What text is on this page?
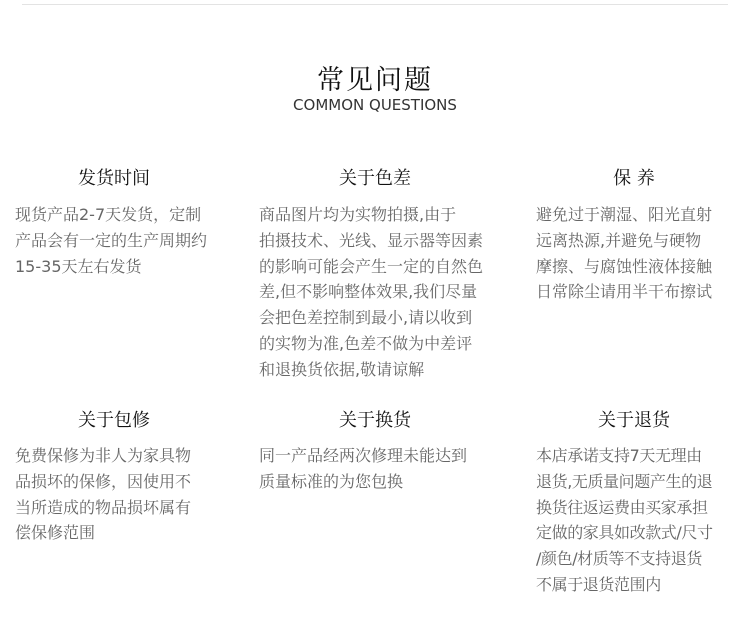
常见问题
COMMON QUESTIONS
发货时间
现货产品2-7天发货，定制
产品会有一定的生产周期约
15-35天左右发货
关于色差
商品图片均为实物拍摄,由于
拍摄技术、光线、显示器等因素
的影响可能会产生一定的自然色
差,但不影响整体效果,我们尽量
会把色差控制到最小,请以收到
的实物为准,色差不做为中差评
和退换货依据,敬请谅解
保 养
避免过于潮湿、阳光直射
远离热源,并避免与硬物
摩擦、与腐蚀性液体接触
日常除尘请用半干布擦试
关于包修
免费保修为非人为家具物
品损坏的保修，因使用不
当所造成的物品损坏属有
偿保修范围
关于换货
同一产品经两次修理未能达到
质量标准的为您包换
关于退货
本店承诺支持7天无理由
退货,无质量问题产生的退
换货往返运费由买家承担
定做的家具如改款式/尺寸
/颜色/材质等不支持退货
不属于退货范围内
